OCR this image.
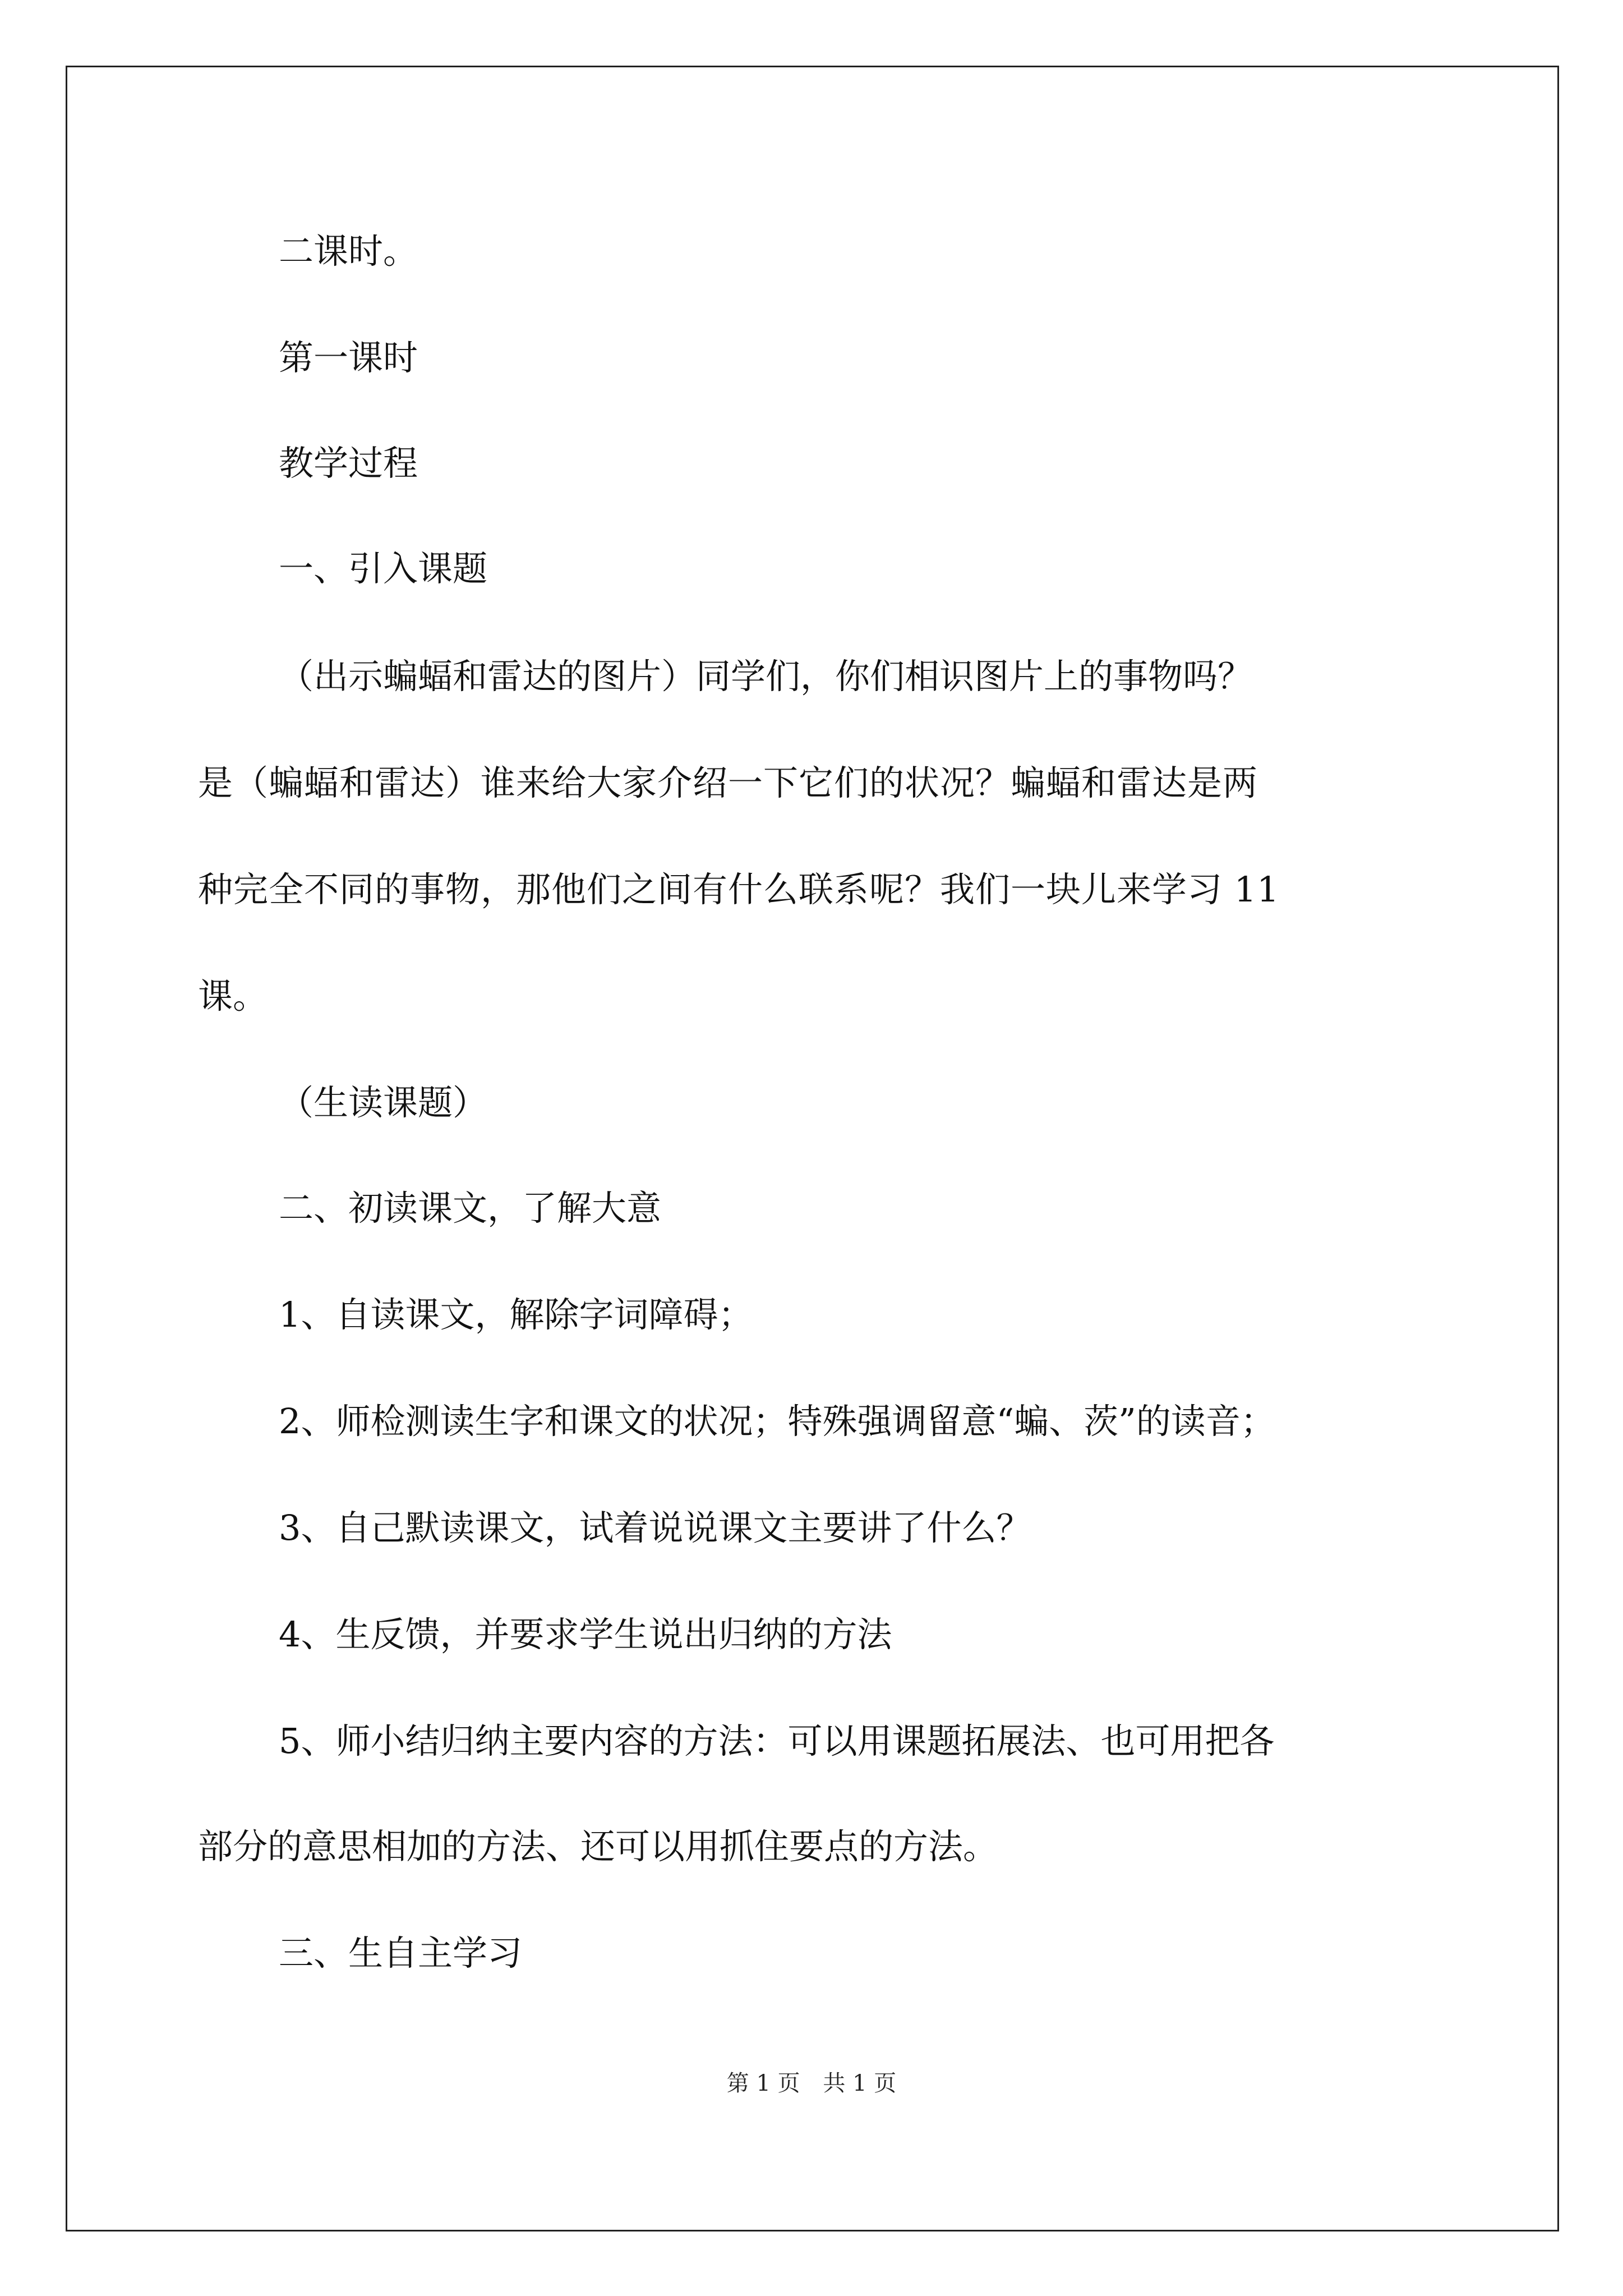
二课时。
第一课时
教学过程
一、引入课题
（出示蝙蝠和雷达的图片）同学们，你们相识图片上的事物吗？
是（蝙蝠和雷达）谁来给大家介绍一下它们的状况？蝙蝠和雷达是两
种完全不同的事物，那他们之间有什么联系呢？我们一块儿来学习 11
课。
（生读课题）
二、初读课文，了解大意
1、自读课文，解除字词障碍；
2、师检测读生字和课文的状况；特殊强调留意“蝙、茨”的读音；
3、自己默读课文，试着说说课文主要讲了什么？
4、生反馈，并要求学生说出归纳的方法
5、师小结归纳主要内容的方法：可以用课题拓展法、也可用把各
部分的意思相加的方法、还可以用抓住要点的方法。
三、生自主学习
第 1 页 共 1 页
